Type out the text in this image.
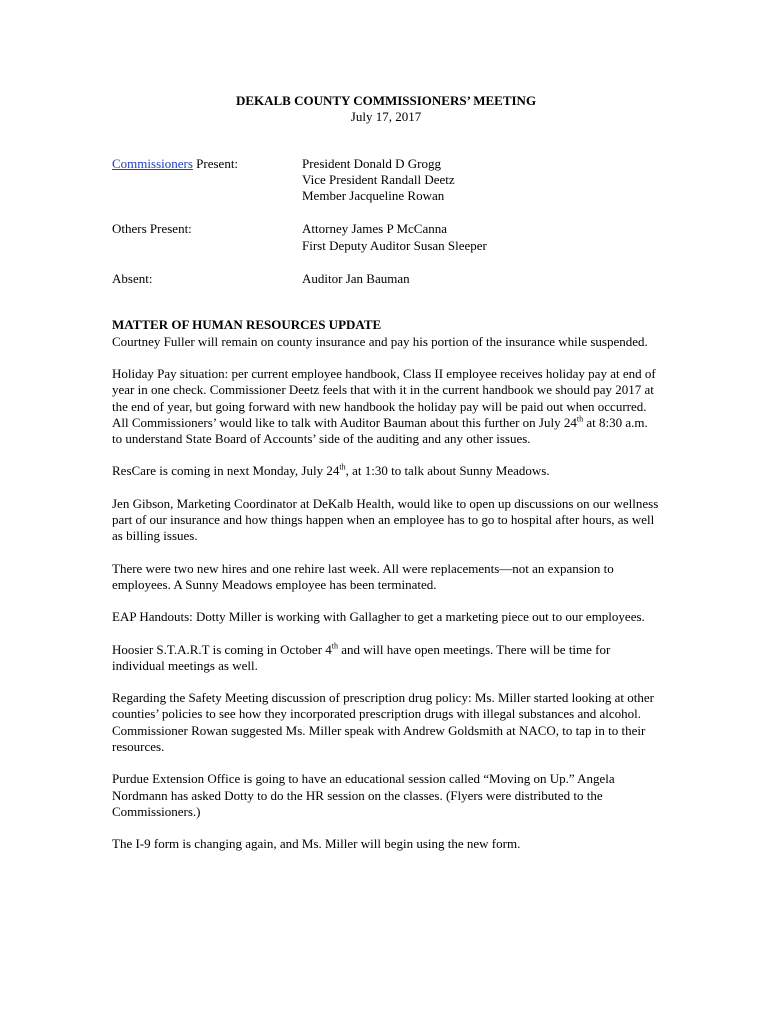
DEKALB COUNTY COMMISSIONERS’ MEETING
July 17, 2017
Commissioners Present:	President Donald D Grogg
Vice President Randall Deetz
Member Jacqueline Rowan
Others Present:	Attorney James P McCanna
First Deputy Auditor Susan Sleeper
Absent:	Auditor Jan Bauman
MATTER OF HUMAN RESOURCES UPDATE

Courtney Fuller will remain on county insurance and pay his portion of the insurance while suspended.

Holiday Pay situation: per current employee handbook, Class II employee receives holiday pay at end of year in one check. Commissioner Deetz feels that with it in the current handbook we should pay 2017 at the end of year, but going forward with new handbook the holiday pay will be paid out when occurred. All Commissioners’ would like to talk with Auditor Bauman about this further on July 24th at 8:30 a.m. to understand State Board of Accounts’ side of the auditing and any other issues.

ResCare is coming in next Monday, July 24th, at 1:30 to talk about Sunny Meadows.

Jen Gibson, Marketing Coordinator at DeKalb Health, would like to open up discussions on our wellness part of our insurance and how things happen when an employee has to go to hospital after hours, as well as billing issues.

There were two new hires and one rehire last week. All were replacements—not an expansion to employees. A Sunny Meadows employee has been terminated.

EAP Handouts: Dotty Miller is working with Gallagher to get a marketing piece out to our employees.

Hoosier S.T.A.R.T is coming in October 4th and will have open meetings. There will be time for individual meetings as well.

Regarding the Safety Meeting discussion of prescription drug policy: Ms. Miller started looking at other counties’ policies to see how they incorporated prescription drugs with illegal substances and alcohol. Commissioner Rowan suggested Ms. Miller speak with Andrew Goldsmith at NACO, to tap in to their resources.

Purdue Extension Office is going to have an educational session called “Moving on Up.” Angela Nordmann has asked Dotty to do the HR session on the classes. (Flyers were distributed to the Commissioners.)

The I-9 form is changing again, and Ms. Miller will begin using the new form.
